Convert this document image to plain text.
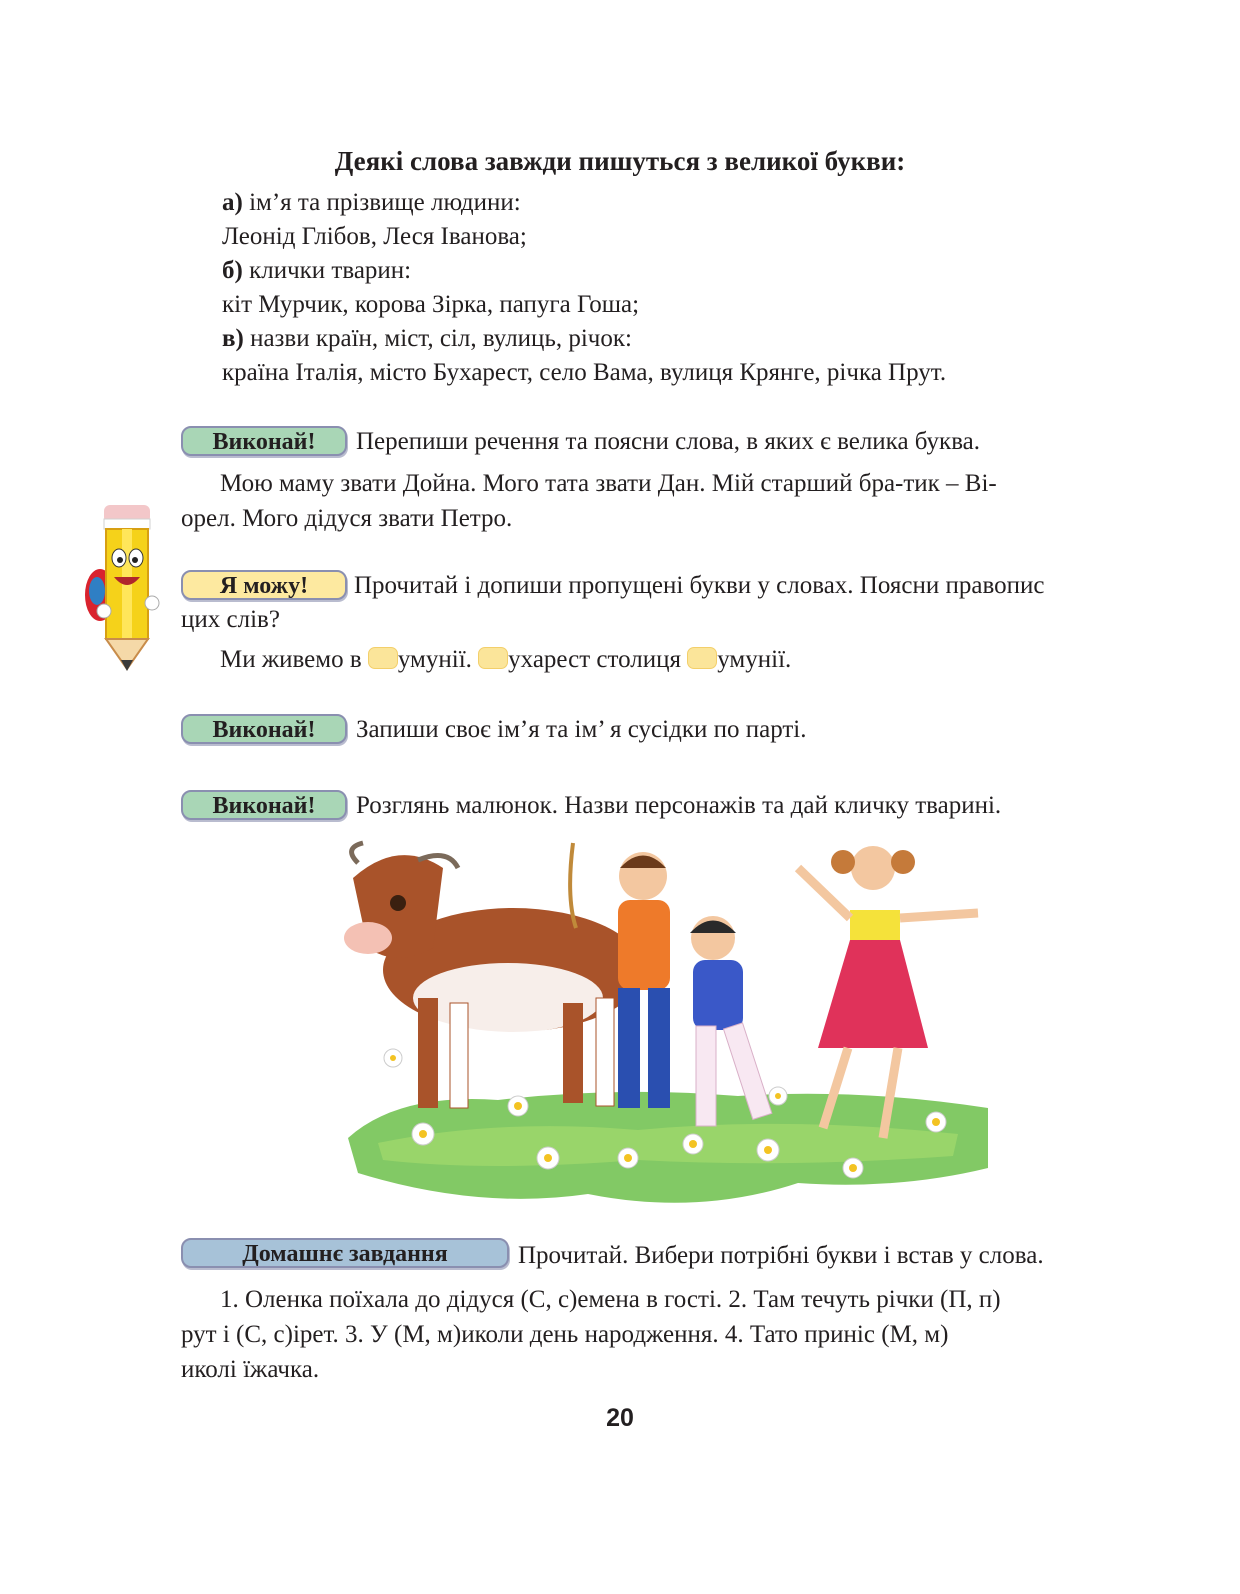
Деякі слова завжди пишуться з великої букви:
а) ім’я та прізвище людини:
Леонід Глібов, Леся Іванова;
б) клички тварин:
кіт Мурчик, корова Зірка, папуга Гоша;
в) назви країн, міст, сіл, вулиць, річок:
країна Італія, місто Бухарест, село Вама, вулиця Крянге, річка Прут.
Виконай!	Перепиши речення та поясни слова, в яких є велика буква.
Мою маму звати Дойна. Мого тата звати Дан. Мій старший бра-тик – Ві-
орел. Мого дідуся звати Петро.
Я можу!	Прочитай і допиши пропущені букви у словах. Поясни правопис
цих слів?
Ми живемо в умунії. ухарест столиця умунії.
Виконай!	Запиши своє ім’я та ім’ я сусідки по парті.
Виконай!	Розглянь малюнок. Назви персонажів та дай кличку тварині.
Домашнє завдання	Прочитай. Вибери потрібні букви і встав у слова.
1. Оленка поїхала до дідуся (С, с)емена в гості. 2. Там течуть річки (П, п)
рут і (С, с)ірет. 3. У (М, м)иколи день народження. 4. Тато приніс (М, м)
иколі їжачка.
20
